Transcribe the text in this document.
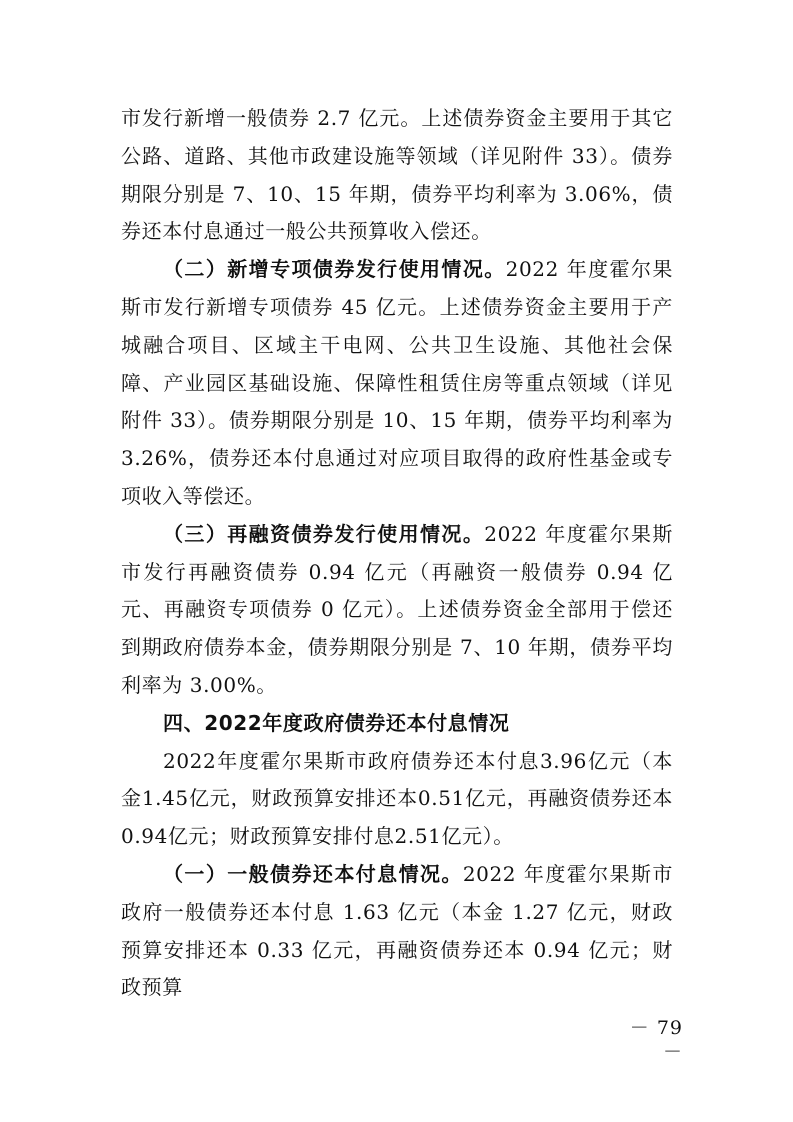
市发行新增一般债券 2.7 亿元。上述债券资金主要用于其它公路、道路、其他市政建设施等领域（详见附件 33）。债券期限分别是 7、10、15 年期，债券平均利率为 3.06%，债券还本付息通过一般公共预算收入偿还。

（二）新增专项债券发行使用情况。2022 年度霍尔果斯市发行新增专项债券 45 亿元。上述债券资金主要用于产城融合项目、区域主干电网、公共卫生设施、其他社会保障、产业园区基础设施、保障性租赁住房等重点领域（详见附件 33）。债券期限分别是 10、15 年期，债券平均利率为 3.26%，债券还本付息通过对应项目取得的政府性基金或专项收入等偿还。

（三）再融资债券发行使用情况。2022 年度霍尔果斯市发行再融资债券 0.94 亿元（再融资一般债券 0.94 亿元、再融资专项债券 0 亿元）。上述债券资金全部用于偿还到期政府债券本金，债券期限分别是 7、10 年期，债券平均利率为 3.00%。

四、2022年度政府债券还本付息情况

2022年度霍尔果斯市政府债券还本付息3.96亿元（本金1.45亿元，财政预算安排还本0.51亿元，再融资债券还本0.94亿元；财政预算安排付息2.51亿元）。

（一）一般债券还本付息情况。2022 年度霍尔果斯市政府一般债券还本付息 1.63 亿元（本金 1.27 亿元，财政预算安排还本 0.33 亿元，再融资债券还本 0.94 亿元；财政预算

－ 79 －
